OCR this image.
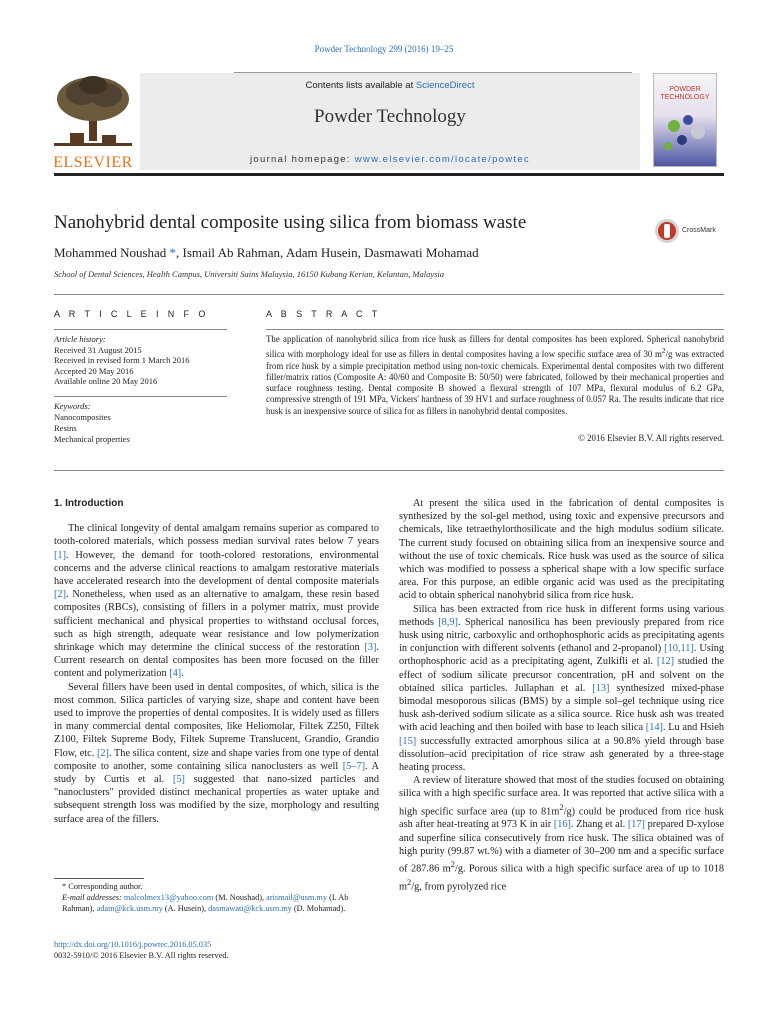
Powder Technology 299 (2016) 19–25
ELSEVIER
Contents lists available at ScienceDirect
Powder Technology
journal homepage: www.elsevier.com/locate/powtec
POWDER
TECHNOLOGY
Nanohybrid dental composite using silica from biomass waste	CrossMark
Mohammed Noushad *, Ismail Ab Rahman, Adam Husein, Dasmawati Mohamad
School of Dental Sciences, Health Campus, Universiti Sains Malaysia, 16150 Kubang Kerian, Kelantan, Malaysia
A R T I C L E I N F O
Article history:
Received 31 August 2015
Received in revised form 1 March 2016
Accepted 20 May 2016
Available online 20 May 2016
Keywords:
Nanocomposites
Resins
Mechanical properties
A B S T R A C T
The application of nanohybrid silica from rice husk as fillers for dental composites has been explored. Spherical nanohybrid silica with morphology ideal for use as fillers in dental composites having a low specific surface area of 30 $m^2/g$ was extracted from rice husk by a simple precipitation method using non-toxic chemicals. Experimental dental composites with two different filler/matrix ratios (Composite A: 40/60 and Composite B: 50/50) were fabricated, followed by their mechanical properties and surface roughness testing. Dental composite B showed a flexural strength of 107 MPa, flexural modulus of 6.2 GPa, compressive strength of 191 MPa, Vickers' hardness of 39 HV1 and surface roughness of 0.057 Ra. The results indicate that rice husk is an inexpensive source of silica for as fillers in nanohybrid dental composites.
© 2016 Elsevier B.V. All rights reserved.
1. Introduction

The clinical longevity of dental amalgam remains superior as compared to tooth-colored materials, which possess median survival rates below 7 years [1]. However, the demand for tooth-colored restorations, environmental concerns and the adverse clinical reactions to amalgam restorative materials have accelerated research into the development of dental composite materials [2]. Nonetheless, when used as an alternative to amalgam, these resin based composites (RBCs), consisting of fillers in a polymer matrix, must provide sufficient mechanical and physical properties to withstand occlusal forces, such as high strength, adequate wear resistance and low polymerization shrinkage which may determine the clinical success of the restoration [3]. Current research on dental composites has been more focused on the filler content and polymerization [4].

Several fillers have been used in dental composites, of which, silica is the most common. Silica particles of varying size, shape and content have been used to improve the properties of dental composites. It is widely used as fillers in many commercial dental composites, like Heliomolar, Filtek Z250, Filtek Z100, Filtek Supreme Body, Filtek Supreme Translucent, Grandio, Grandio Flow, etc. [2]. The silica content, size and shape varies from one type of dental composite to another, some containing silica nanoclusters as well [5–7]. A study by Curtis et al. [5] suggested that nano-sized particles and "nanoclusters" provided distinct mechanical properties as water uptake and subsequent strength loss was modified by the size, morphology and resulting surface area of the fillers.

At present the silica used in the fabrication of dental composites is synthesized by the sol-gel method, using toxic and expensive precursors and chemicals, like tetraethylorthosilicate and the high modulus sodium silicate. The current study focused on obtaining silica from an inexpensive source and without the use of toxic chemicals. Rice husk was used as the source of silica which was modified to possess a spherical shape with a low specific surface area. For this purpose, an edible organic acid was used as the precipitating acid to obtain spherical nanohybrid silica from rice husk.

Silica has been extracted from rice husk in different forms using various methods [8,9]. Spherical nanosilica has been previously prepared from rice husk using nitric, carboxylic and orthophosphoric acids as precipitating agents in conjunction with different solvents (ethanol and 2-propanol) [10,11]. Using orthophosphoric acid as a precipitating agent, Zulkifli et al. [12] studied the effect of sodium silicate precursor concentration, pH and solvent on the obtained silica particles. Jullaphan et al. [13] synthesized mixed-phase bimodal mesoporous silicas (BMS) by a simple sol–gel technique using rice husk ash-derived sodium silicate as a silica source. Rice husk ash was treated with acid leaching and then boiled with base to leach silica [14]. Lu and Hsieh [15] successfully extracted amorphous silica at a 90.8% yield through base dissolution–acid precipitation of rice straw ash generated by a three-stage heating process.

A review of literature showed that most of the studies focused on obtaining silica with a high specific surface area. It was reported that active silica with a high specific surface area (up to $81m^2/g$) could be produced from rice husk ash after heat-treating at 973 K in air [16]. Zhang et al. [17] prepared D-xylose and superfine silica consecutively from rice husk. The silica obtained was of high purity (99.87 wt.%) with a diameter of 30–200 nm and a specific surface of 287.86 $m^2/g$. Porous silica with a high specific surface area of up to 1018 $m^2/g$, from pyrolyzed rice

* Corresponding author.
E-mail addresses: malcolmex13@yahoo.com (M. Noushad), arismail@usm.my (I. Ab Rahman), adam@kck.usm.my (A. Husein), dasmawati@kck.usm.my (D. Mohamad).
http://dx.doi.org/10.1016/j.powtec.2016.05.035
0032-5910/© 2016 Elsevier B.V. All rights reserved.
